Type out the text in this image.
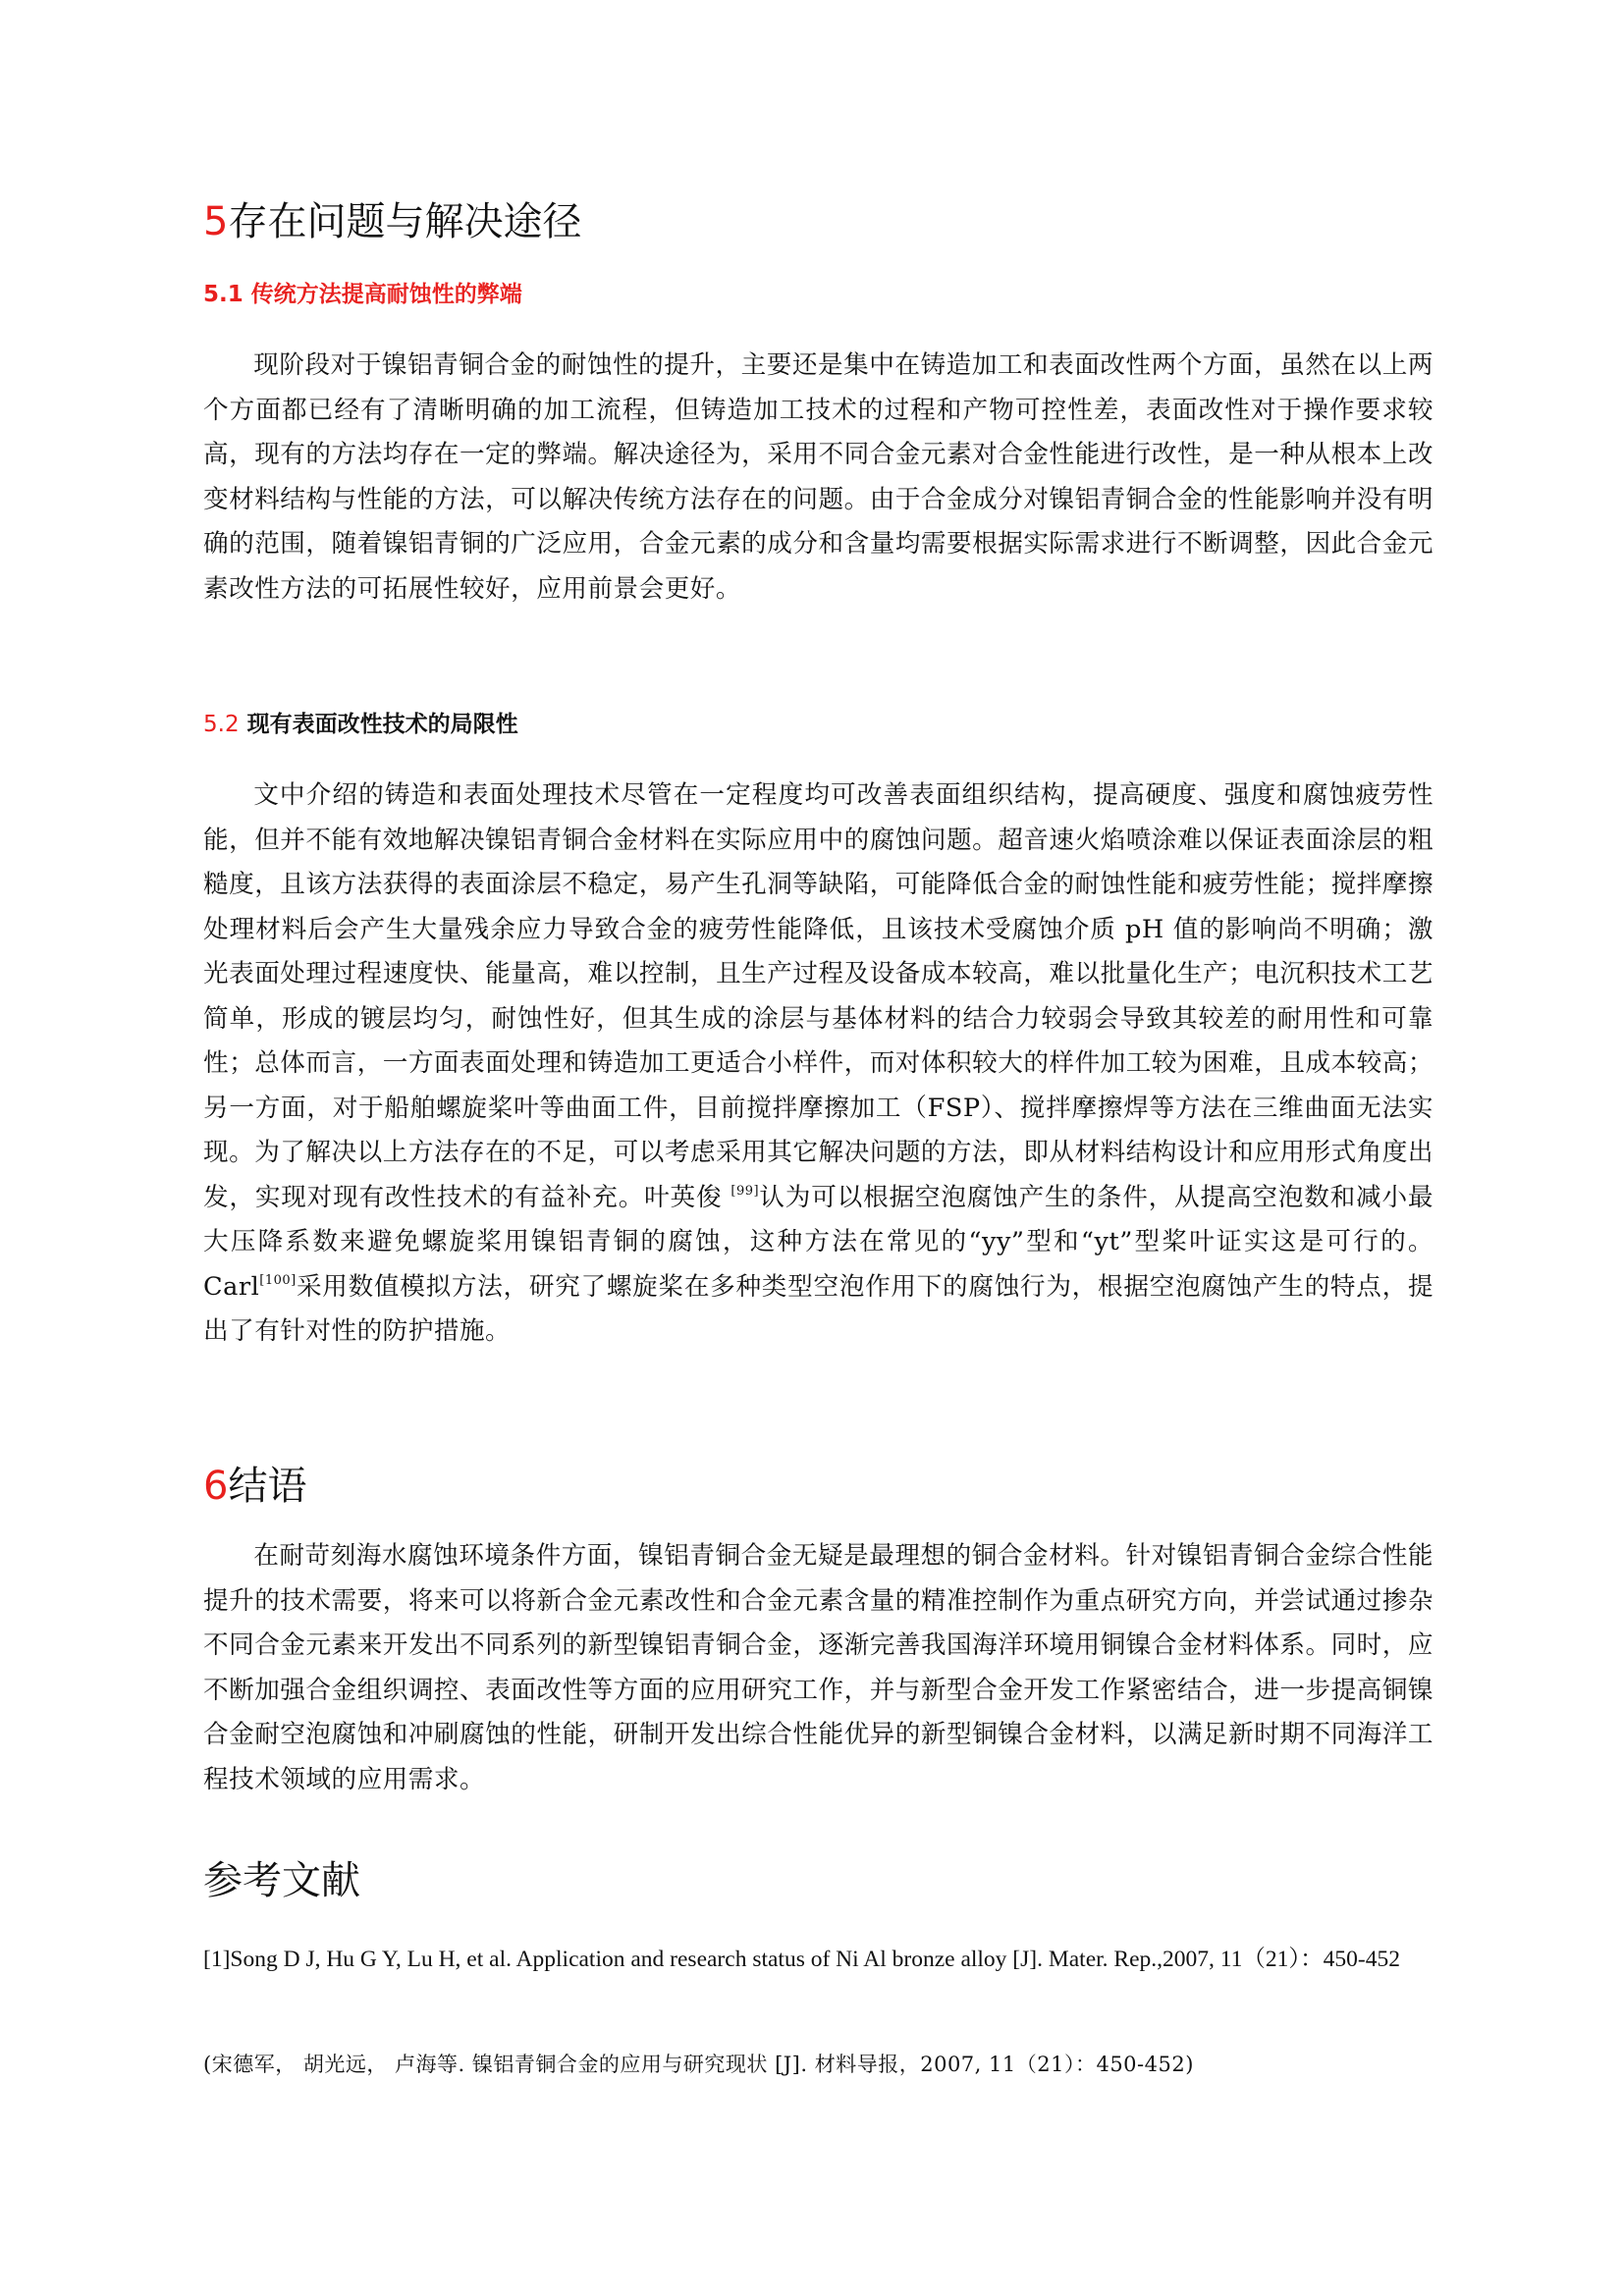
5存在问题与解决途径
5.1 传统方法提高耐蚀性的弊端

现阶段对于镍铝青铜合金的耐蚀性的提升，主要还是集中在铸造加工和表面改性两个方面，虽然在以上两个方面都已经有了清晰明确的加工流程，但铸造加工技术的过程和产物可控性差，表面改性对于操作要求较高，现有的方法均存在一定的弊端。解决途径为，采用不同合金元素对合金性能进行改性，是一种从根本上改变材料结构与性能的方法，可以解决传统方法存在的问题。由于合金成分对镍铝青铜合金的性能影响并没有明确的范围，随着镍铝青铜的广泛应用，合金元素的成分和含量均需要根据实际需求进行不断调整，因此合金元素改性方法的可拓展性较好，应用前景会更好。

5.2 现有表面改性技术的局限性

文中介绍的铸造和表面处理技术尽管在一定程度均可改善表面组织结构，提高硬度、强度和腐蚀疲劳性能，但并不能有效地解决镍铝青铜合金材料在实际应用中的腐蚀问题。超音速火焰喷涂难以保证表面涂层的粗糙度，且该方法获得的表面涂层不稳定，易产生孔洞等缺陷，可能降低合金的耐蚀性能和疲劳性能；搅拌摩擦处理材料后会产生大量残余应力导致合金的疲劳性能降低，且该技术受腐蚀介质 pH 值的影响尚不明确；激光表面处理过程速度快、能量高，难以控制，且生产过程及设备成本较高，难以批量化生产；电沉积技术工艺简单，形成的镀层均匀，耐蚀性好，但其生成的涂层与基体材料的结合力较弱会导致其较差的耐用性和可靠性；总体而言，一方面表面处理和铸造加工更适合小样件，而对体积较大的样件加工较为困难，且成本较高；另一方面，对于船舶螺旋桨叶等曲面工件，目前搅拌摩擦加工（FSP）、搅拌摩擦焊等方法在三维曲面无法实现。为了解决以上方法存在的不足，可以考虑采用其它解决问题的方法，即从材料结构设计和应用形式角度出发，实现对现有改性技术的有益补充。叶英俊 [99]认为可以根据空泡腐蚀产生的条件，从提高空泡数和减小最大压降系数来避免螺旋桨用镍铝青铜的腐蚀，这种方法在常见的“yy”型和“yt”型桨叶证实这是可行的。Carl[100]采用数值模拟方法，研究了螺旋桨在多种类型空泡作用下的腐蚀行为，根据空泡腐蚀产生的特点，提出了有针对性的防护措施。

6结语

在耐苛刻海水腐蚀环境条件方面，镍铝青铜合金无疑是最理想的铜合金材料。针对镍铝青铜合金综合性能提升的技术需要，将来可以将新合金元素改性和合金元素含量的精准控制作为重点研究方向，并尝试通过掺杂不同合金元素来开发出不同系列的新型镍铝青铜合金，逐渐完善我国海洋环境用铜镍合金材料体系。同时，应不断加强合金组织调控、表面改性等方面的应用研究工作，并与新型合金开发工作紧密结合，进一步提高铜镍合金耐空泡腐蚀和冲刷腐蚀的性能，研制开发出综合性能优异的新型铜镍合金材料，以满足新时期不同海洋工程技术领域的应用需求。

参考文献

[1]Song D J, Hu G Y, Lu H, et al. Application and research status of Ni Al bronze alloy [J]. Mater. Rep.,2007, 11（21）：450-452

(宋德军， 胡光远， 卢海等. 镍铝青铜合金的应用与研究现状 [J]. 材料导报，2007, 11（21）：450-452)
